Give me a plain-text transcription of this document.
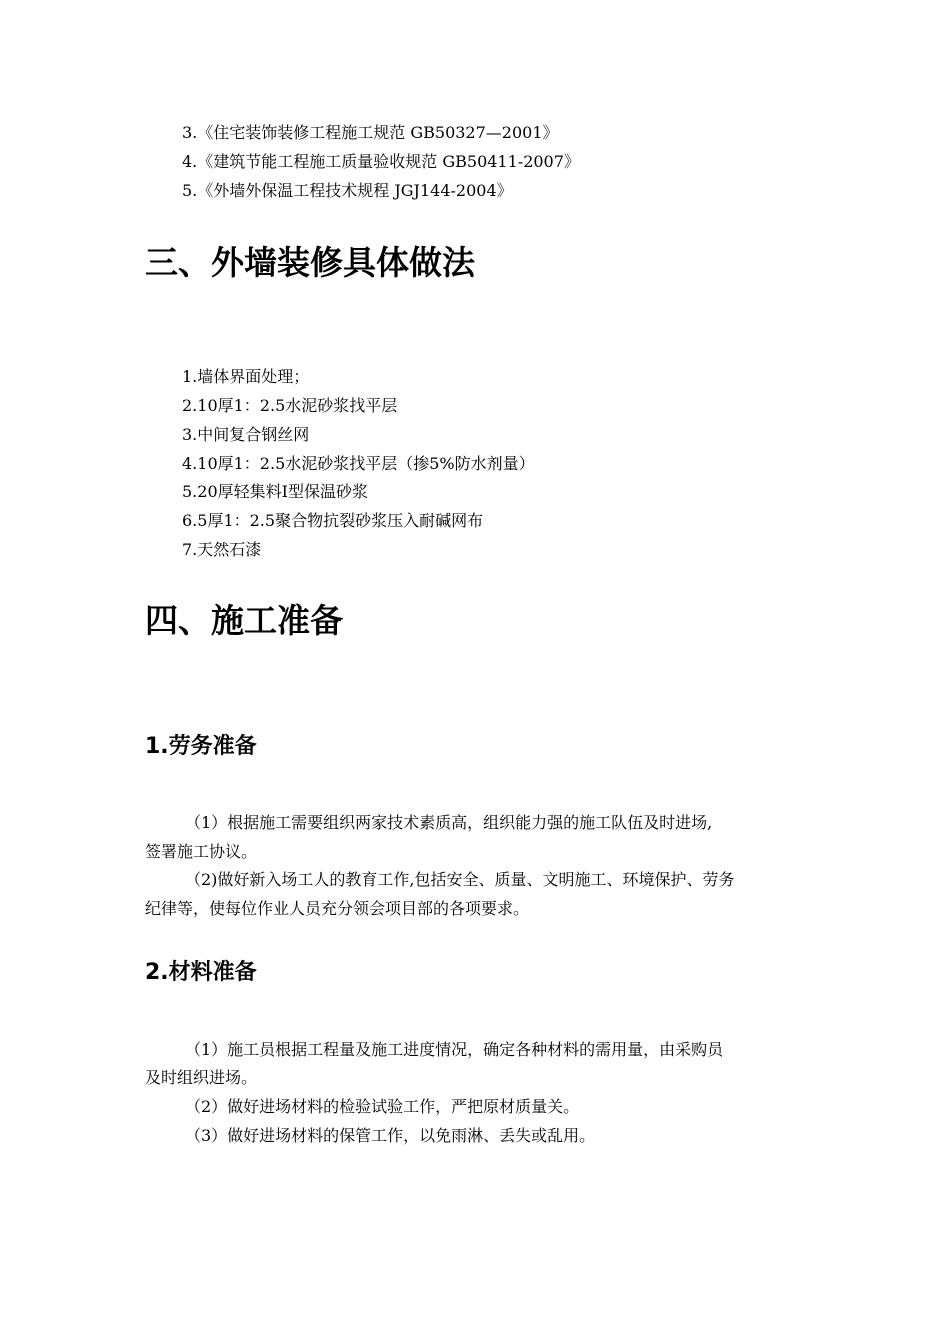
3.《住宅装饰装修工程施工规范 GB50327—2001》
4.《建筑节能工程施工质量验收规范 GB50411-2007》
5.《外墙外保温工程技术规程 JGJ144-2004》
三、外墙装修具体做法
1.墙体界面处理；
2.10厚1：2.5水泥砂浆找平层
3.中间复合钢丝网
4.10厚1：2.5水泥砂浆找平层（掺5%防水剂量）
5.20厚轻集料Ⅰ型保温砂浆
6.5厚1：2.5聚合物抗裂砂浆压入耐碱网布
7.天然石漆
四、施工准备
1.劳务准备
（1）根据施工需要组织两家技术素质高，组织能力强的施工队伍及时进场,
签署施工协议。
（2)做好新入场工人的教育工作,包括安全、质量、文明施工、环境保护、劳务
纪律等，使每位作业人员充分领会项目部的各项要求。
2.材料准备
（1）施工员根据工程量及施工进度情况，确定各种材料的需用量，由采购员
及时组织进场。
（2）做好进场材料的检验试验工作，严把原材质量关。
（3）做好进场材料的保管工作，以免雨淋、丢失或乱用。
